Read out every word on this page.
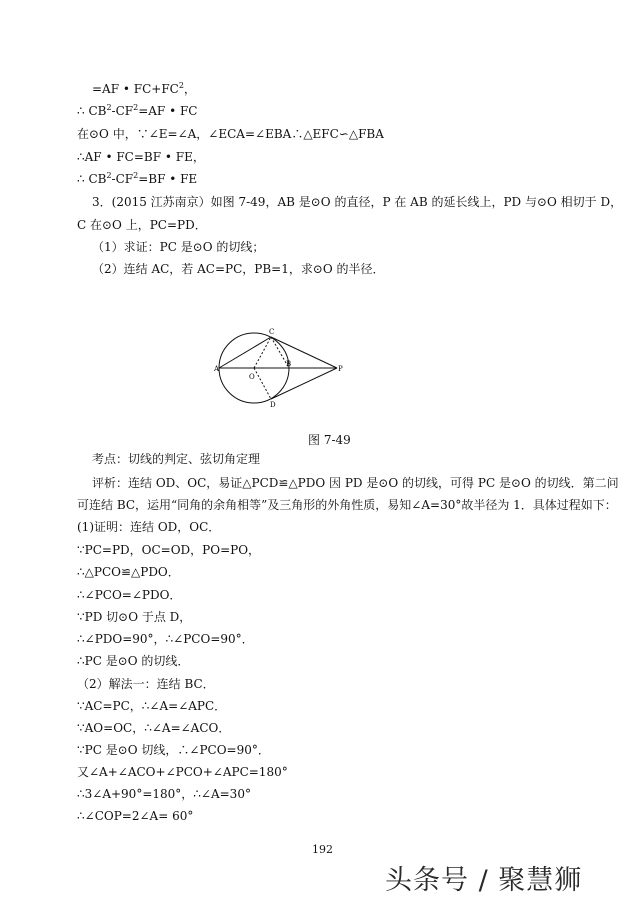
=AF • $FC+FC^2$，
∴ $CB^2-CF^2=AF$ • FC
在⊙O 中，∵∠E=∠A，∠ECA=∠EBA∴△EFC∽△FBA
∴AF • FC=BF • FE，
∴ $CB^2-CF^2=BF$ • FE
3．(2015 江苏南京）如图 7-49，AB 是⊙O 的直径，P 在 AB 的延长线上，PD 与⊙O 相切于 D，
C 在⊙O 上，PC=PD．
（1）求证：PC 是⊙O 的切线；
（2）连结 AC，若 AC=PC，PB=1，求⊙O 的半径．
A
O
B
C
D
P
图 7-49
考点：切线的判定、弦切角定理
评析：连结 OD、OC，易证△PCD≌△PDO 因 PD 是⊙O 的切线，可得 PC 是⊙O 的切线．第二问
可连结 BC，运用“同角的余角相等”及三角形的外角性质，易知∠A=30°故半径为 1．具体过程如下：
(1)证明：连结 OD，OC．
∵PC=PD，OC=OD，PO=PO，
∴△PCO≌△PDO．
∴∠PCO=∠PDO．
∵PD 切⊙O 于点 D，
∴∠PDO=90°，∴∠PCO=90°．
∴PC 是⊙O 的切线．
（2）解法一：连结 BC．
∵AC=PC，∴∠A=∠APC．
∵AO=OC，∴∠A=∠ACO．
∵PC 是⊙O 切线，∴∠PCO=90°．
又∠A+∠ACO+∠PCO+∠APC=180°
∴3∠A+90°=180°，∴∠A=30°
∴∠COP=2∠A= 60°
192
头条号 / 聚慧狮
